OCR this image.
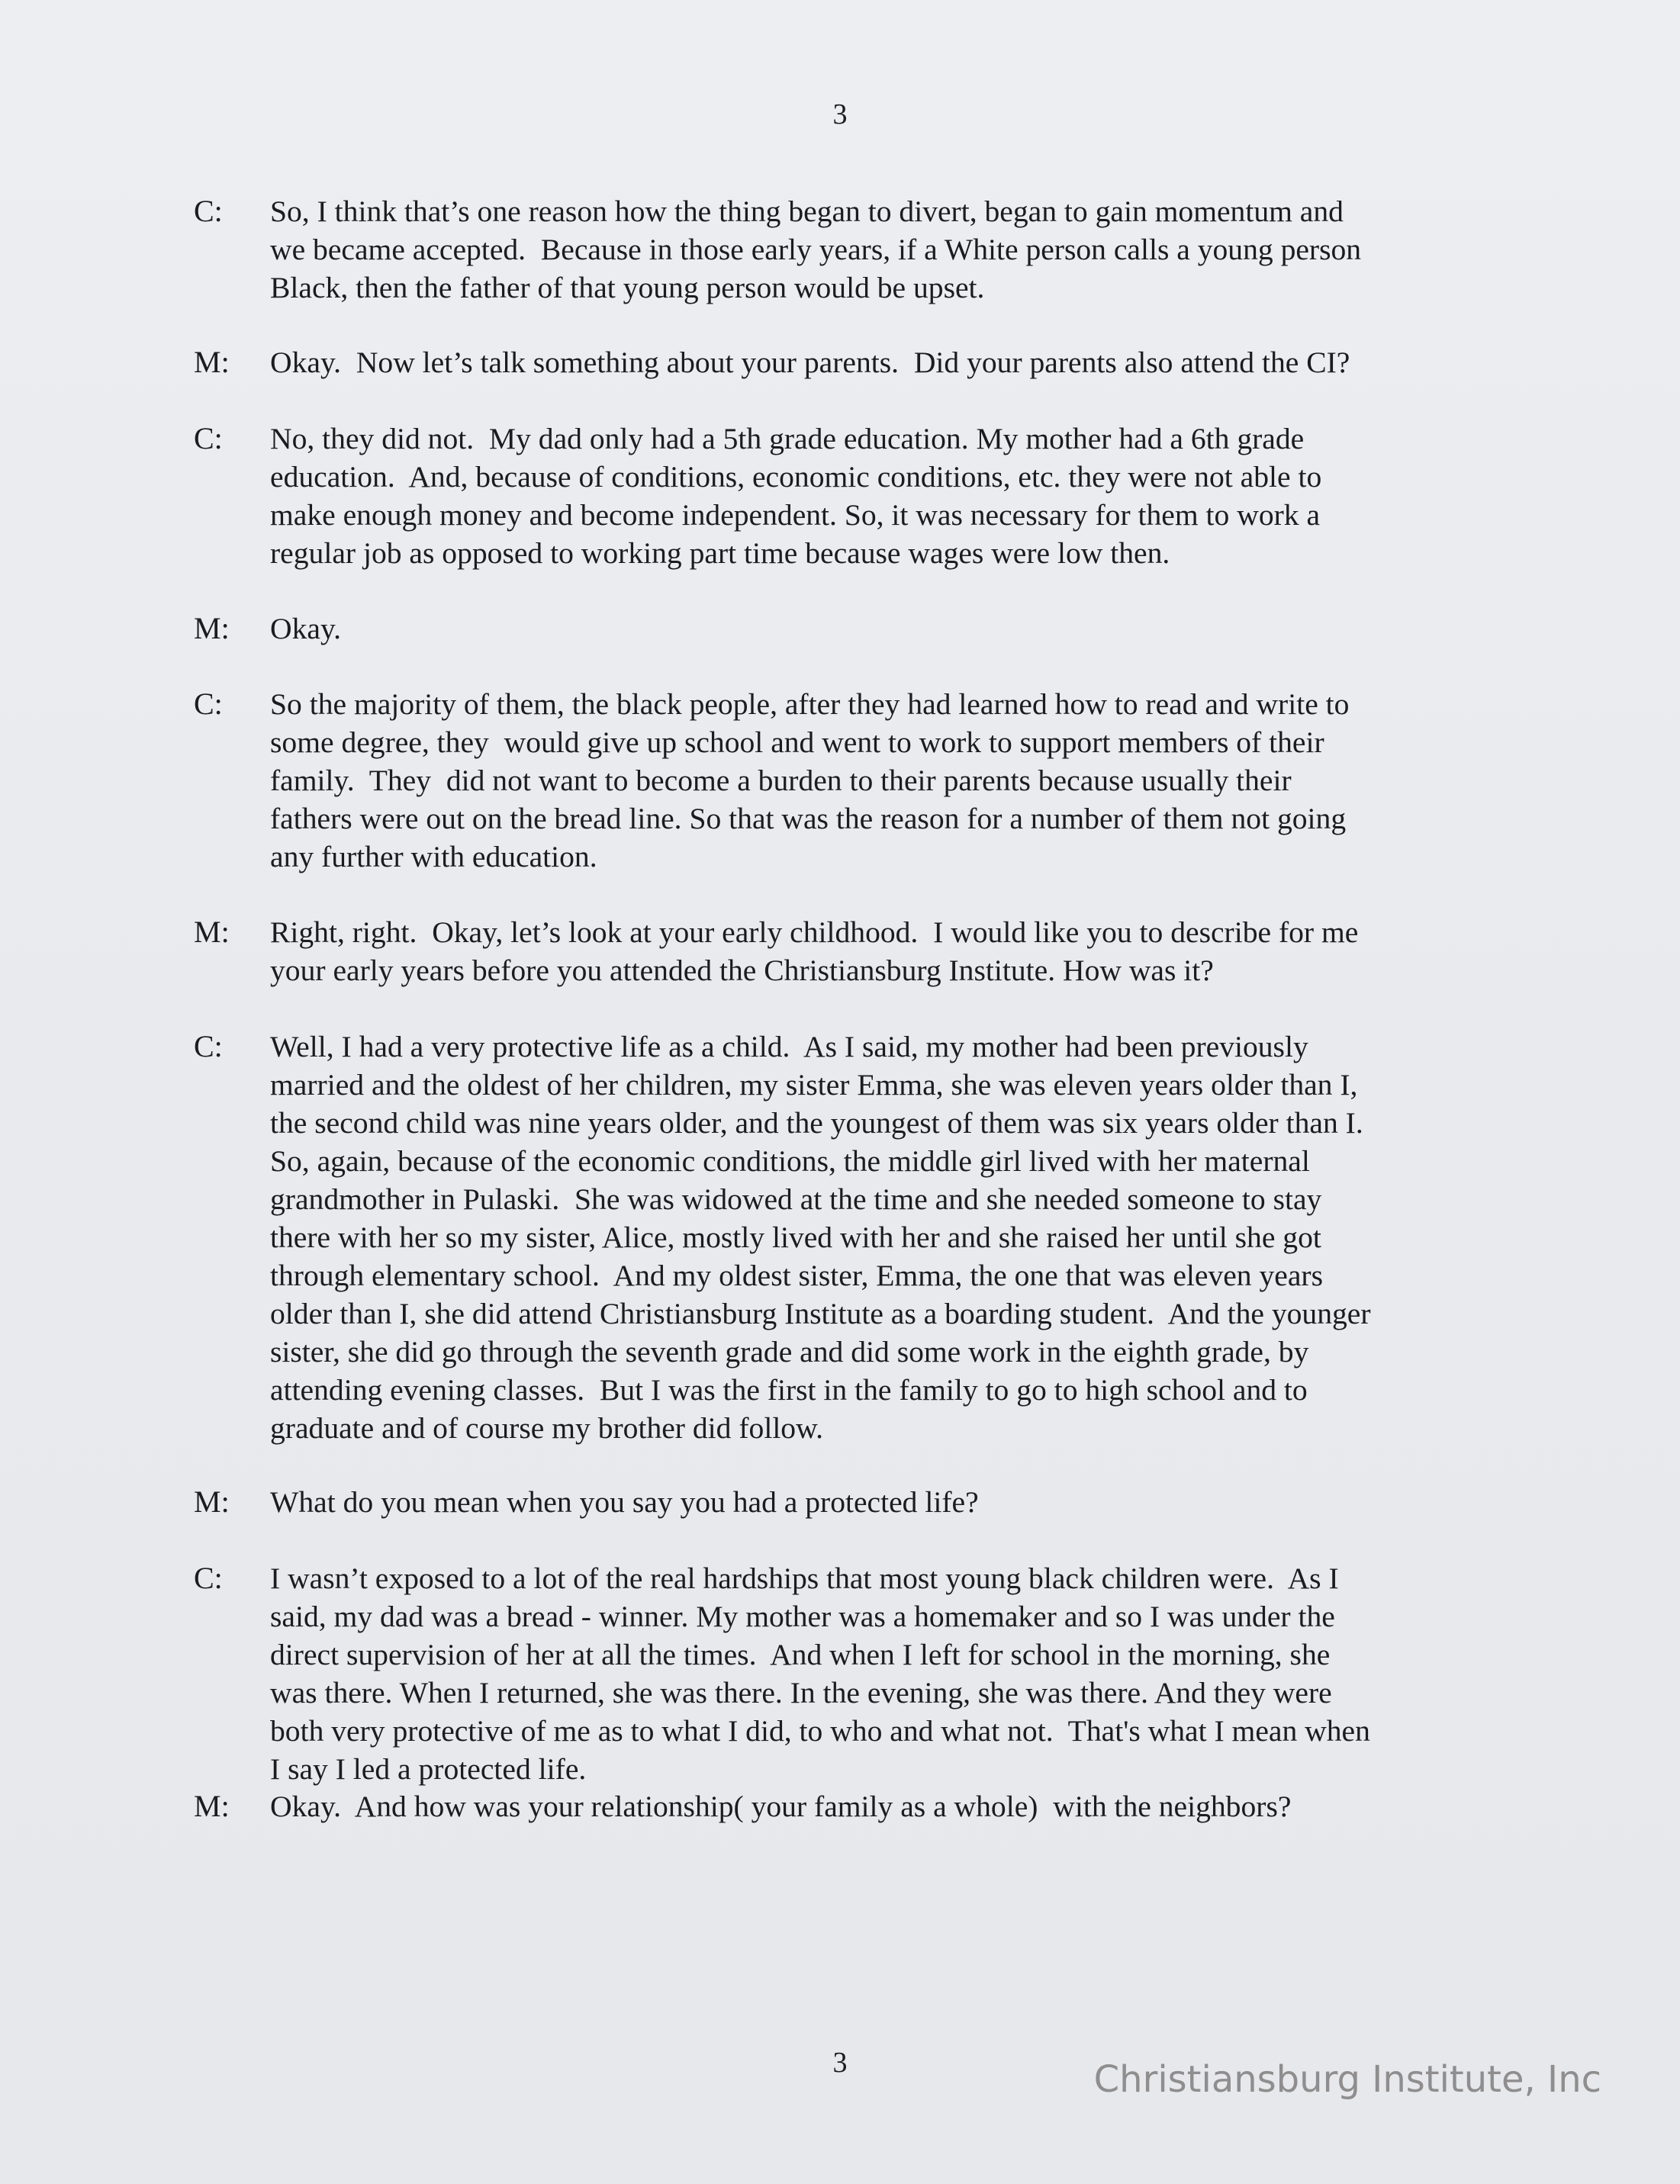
3
C:	So, I think that’s one reason how the thing began to divert, began to gain momentum and
we became accepted.  Because in those early years, if a White person calls a young person
Black, then the father of that young person would be upset.
M:	Okay.  Now let’s talk something about your parents.  Did your parents also attend the CI?
C:	No, they did not.  My dad only had a 5th grade education. My mother had a 6th grade
education.  And, because of conditions, economic conditions, etc. they were not able to
make enough money and become independent. So, it was necessary for them to work a
regular job as opposed to working part time because wages were low then.
M:	Okay.
C:	So the majority of them, the black people, after they had learned how to read and write to
some degree, they  would give up school and went to work to support members of their
family.  They  did not want to become a burden to their parents because usually their
fathers were out on the bread line. So that was the reason for a number of them not going
any further with education.
M:	Right, right.  Okay, let’s look at your early childhood.  I would like you to describe for me
your early years before you attended the Christiansburg Institute. How was it?
C:	Well, I had a very protective life as a child.  As I said, my mother had been previously
married and the oldest of her children, my sister Emma, she was eleven years older than I,
the second child was nine years older, and the youngest of them was six years older than I.
So, again, because of the economic conditions, the middle girl lived with her maternal
grandmother in Pulaski.  She was widowed at the time and she needed someone to stay
there with her so my sister, Alice, mostly lived with her and she raised her until she got
through elementary school.  And my oldest sister, Emma, the one that was eleven years
older than I, she did attend Christiansburg Institute as a boarding student.  And the younger
sister, she did go through the seventh grade and did some work in the eighth grade, by
attending evening classes.  But I was the first in the family to go to high school and to
graduate and of course my brother did follow.
M:	What do you mean when you say you had a protected life?
C:	I wasn’t exposed to a lot of the real hardships that most young black children were.  As I
said, my dad was a bread - winner. My mother was a homemaker and so I was under the
direct supervision of her at all the times.  And when I left for school in the morning, she
was there. When I returned, she was there. In the evening, she was there. And they were
both very protective of me as to what I did, to who and what not.  That's what I mean when
I say I led a protected life.
M:	Okay.  And how was your relationship( your family as a whole)  with the neighbors?
3	Christiansburg Institute, Inc
